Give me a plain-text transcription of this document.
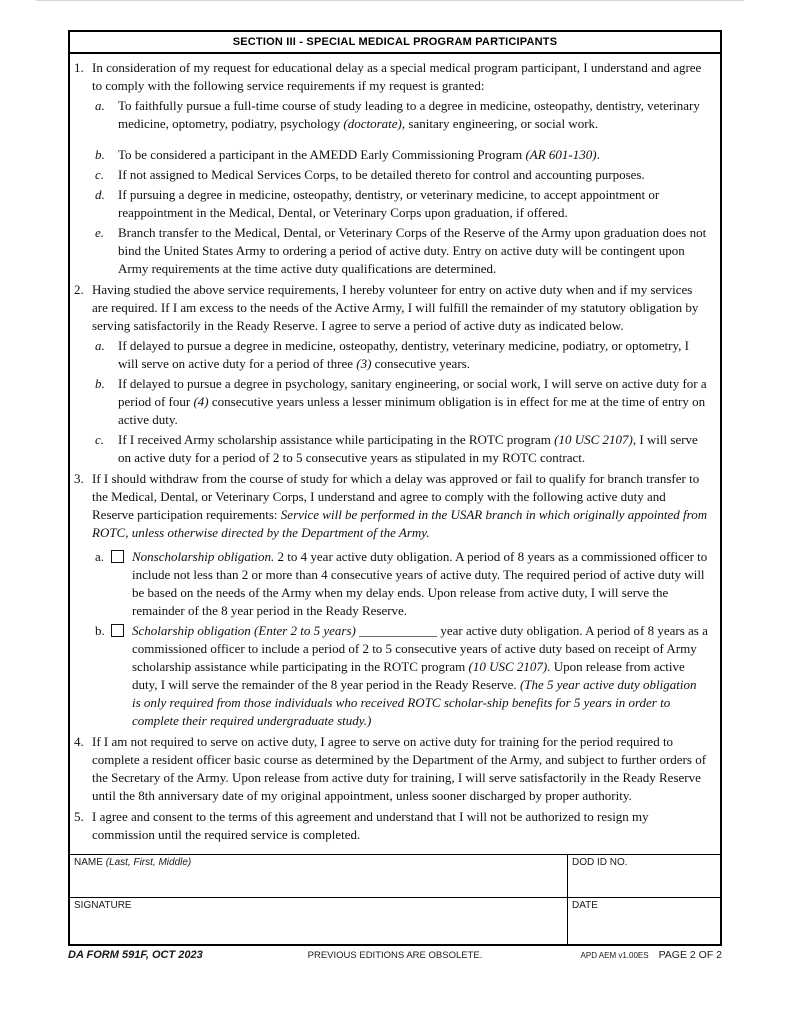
SECTION III - SPECIAL MEDICAL PROGRAM PARTICIPANTS
1. In consideration of my request for educational delay as a special medical program participant, I understand and agree to comply with the following service requirements if my request is granted:
a.	To faithfully pursue a full-time course of study leading to a degree in medicine, osteopathy, dentistry, veterinary medicine, optometry, podiatry, psychology (doctorate), sanitary engineering, or social work.
b.	To be considered a participant in the AMEDD Early Commissioning Program (AR 601-130).
c.	If not assigned to Medical Services Corps, to be detailed thereto for control and accounting purposes.
d.	If pursuing a degree in medicine, osteopathy, dentistry, or veterinary medicine, to accept appointment or reappointment in the Medical, Dental, or Veterinary Corps upon graduation, if offered.
e.	Branch transfer to the Medical, Dental, or Veterinary Corps of the Reserve of the Army upon graduation does not bind the United States Army to ordering a period of active duty. Entry on active duty will be contingent upon Army requirements at the time active duty qualifications are determined.
2. Having studied the above service requirements, I hereby volunteer for entry on active duty when and if my services are required. If I am excess to the needs of the Active Army, I will fulfill the remainder of my statutory obligation by serving satisfactorily in the Ready Reserve. I agree to serve a period of active duty as indicated below.
a.	If delayed to pursue a degree in medicine, osteopathy, dentistry, veterinary medicine, podiatry, or optometry, I will serve on active duty for a period of three (3) consecutive years.
b.	If delayed to pursue a degree in psychology, sanitary engineering, or social work, I will serve on active duty for a period of four (4) consecutive years unless a lesser minimum obligation is in effect for me at the time of entry on active duty.
c.	If I received Army scholarship assistance while participating in the ROTC program (10 USC 2107), I will serve on active duty for a period of 2 to 5 consecutive years as stipulated in my ROTC contract.
3. If I should withdraw from the course of study for which a delay was approved or fail to qualify for branch transfer to the Medical, Dental, or Veterinary Corps, I understand and agree to comply with the following active duty and Reserve participation requirements: Service will be performed in the USAR branch in which originally appointed from ROTC, unless otherwise directed by the Department of the Army.
a.	Nonscholarship obligation. 2 to 4 year active duty obligation. A period of 8 years as a commissioned officer to include not less than 2 or more than 4 consecutive years of active duty. The required period of active duty will be based on the needs of the Army when my delay ends. Upon release from active duty, I will serve the remainder of the 8 year period in the Ready Reserve.
b.	Scholarship obligation (Enter 2 to 5 years) ____________ year active duty obligation. A period of 8 years as a commissioned officer to include a period of 2 to 5 consecutive years of active duty based on receipt of Army scholarship assistance while participating in the ROTC program (10 USC 2107). Upon release from active duty, I will serve the remainder of the 8 year period in the Ready Reserve. (The 5 year active duty obligation is only required from those individuals who received ROTC scholar-ship benefits for 5 years in order to complete their required undergraduate study.)
4. If I am not required to serve on active duty, I agree to serve on active duty for training for the period required to complete a resident officer basic course as determined by the Department of the Army, and subject to further orders of the Secretary of the Army. Upon release from active duty for training, I will serve satisfactorily in the Ready Reserve until the 8th anniversary date of my original appointment, unless sooner discharged by proper authority.
5. I agree and consent to the terms of this agreement and understand that I will not be authorized to resign my commission until the required service is completed.
NAME (Last, First, Middle)	DOD ID NO.
SIGNATURE	DATE
DA FORM 591F, OCT 2023	PREVIOUS EDITIONS ARE OBSOLETE.	APD AEM v1.00ES PAGE 2 OF 2
